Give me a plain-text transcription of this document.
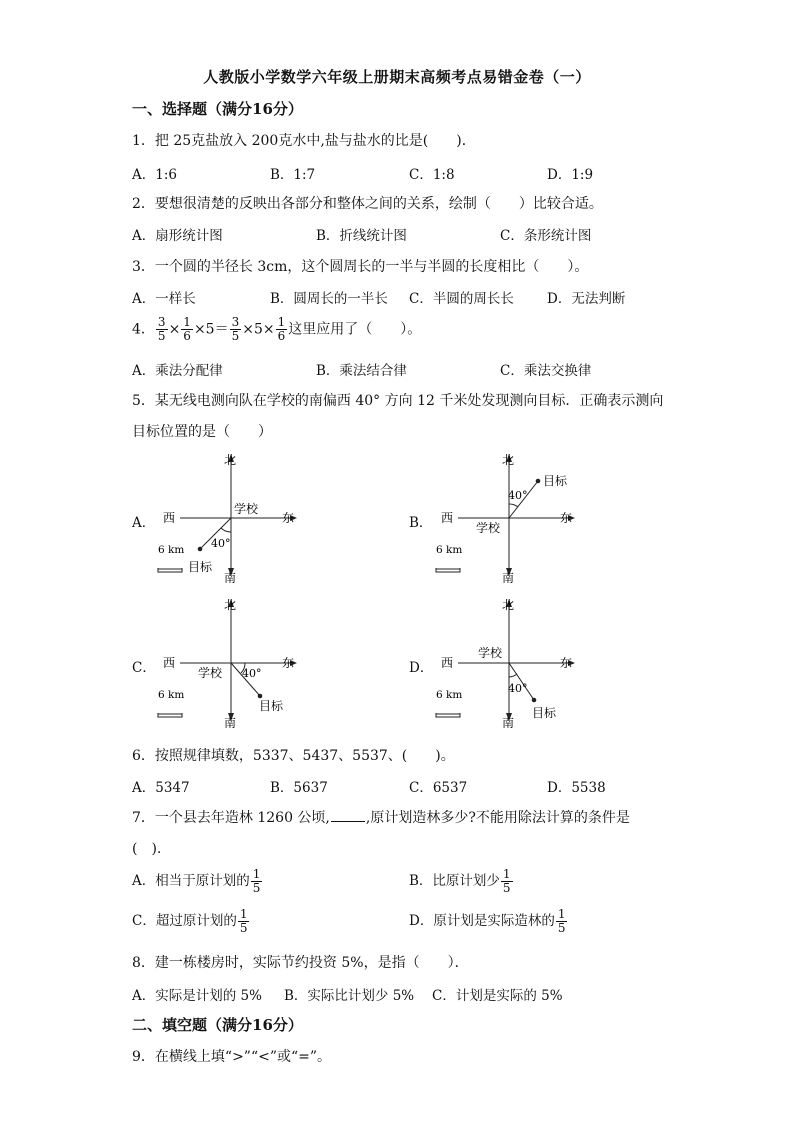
人教版小学数学六年级上册期末高频考点易错金卷（一）
一、选择题（满分16分）
1．把 25克盐放入 200克水中,盐与盐水的比是(　　)．
A．1:6	B．1:7	C．1:8	D．1:9
2．要想很清楚的反映出各部分和整体之间的关系，绘制（　　）比较合适。
A．扇形统计图	B．折线统计图	C．条形统计图
3．一个圆的半径长 3cm，这个圆周长的一半与半圆的长度相比（　　）。
A．一样长	B．圆周长的一半长 C．半圆的周长长 D．无法判断
4． $\frac{3}{5} \times \frac{1}{6} \times 5= \frac{3}{5} \times 5\times \frac{1}{6}$ 这里应用了（　　）。
A．乘法分配律	B．乘法结合律	C．乘法交换律
5．某无线电测向队在学校的南偏西 40° 方向 12 千米处发现测向目标．正确表示测向
目标位置的是（　　）
A．
北
南
西	东
学校
40°
目标
6 km
B．
北
南
西	东
学校
40°
目标
6 km
C．
北
南
西	东
学校 40°
目标
6 km
D．
北
南
西	东
学校
40°
目标
6 km
6．按照规律填数，5337、5437、5537、(　　)。
A．5347	B．5637	C．6537	D．5538
7．一个县去年造林 1260 公顷,	,原计划造林多少?不能用除法计算的条件是
(　).
A．相当于原计划的 $\frac{1}{5}$	B．比原计划少 $\frac{1}{5}$
C．超过原计划的 $\frac{1}{5}$	D．原计划是实际造林的 $\frac{1}{5}$
8．建一栋楼房时，实际节约投资 5%，是指（　　）．
A．实际是计划的 5% B．实际比计划少 5% C．计划是实际的 5%
二、填空题（满分16分）
9．在横线上填“>”“<”或“=”。
